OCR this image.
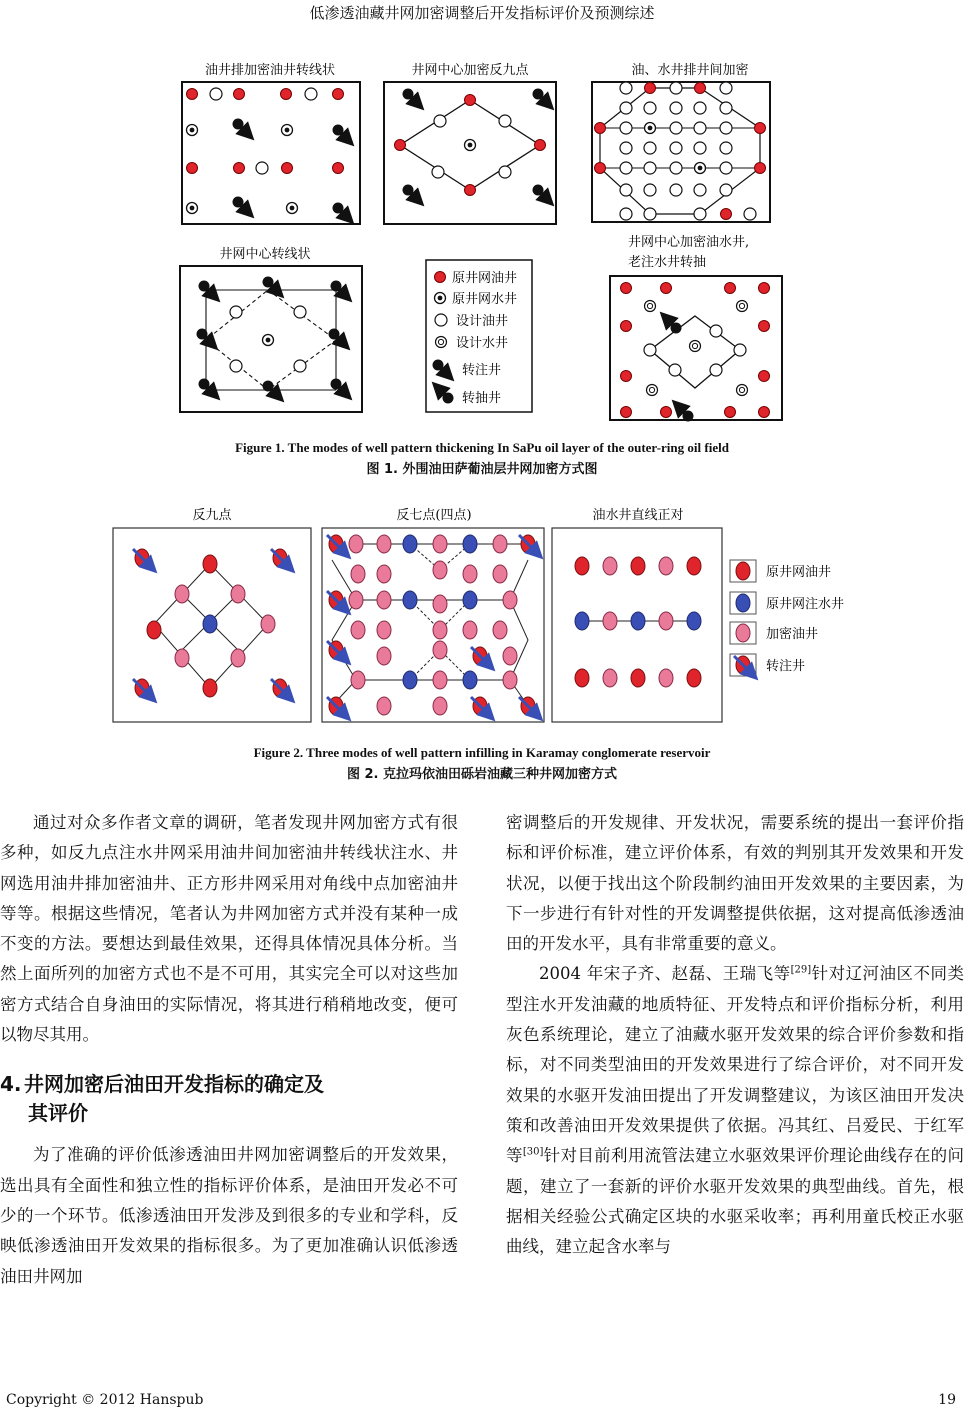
低渗透油藏井网加密调整后开发指标评价及预测综述
油井排加密油井转线状	井网中心加密反九点	油、水井排井间加密
井网中心转线状
井网中心加密油水井,
老注水井转抽
原井网油井
原井网水井
设计油井
设计水井
转注井
转抽井
Figure 1. The modes of well pattern thickening In SaPu oil layer of the outer-ring oil field
图 1. 外围油田萨葡油层井网加密方式图
反九点	反七点(四点)	油水井直线正对
原井网油井
原井网注水井
加密油井
转注井
Figure 2. Three modes of well pattern infilling in Karamay conglomerate reservoir
图 2. 克拉玛依油田砾岩油藏三种井网加密方式

通过对众多作者文章的调研，笔者发现井网加密方式有很多种，如反九点注水井网采用油井间加密油井转线状注水、井网选用油井排加密油井、正方形井网采用对角线中点加密油井等等。根据这些情况，笔者认为井网加密方式并没有某种一成不变的方法。要想达到最佳效果，还得具体情况具体分析。当然上面所列的加密方式也不是不可用，其实完全可以对这些加密方式结合自身油田的实际情况，将其进行稍稍地改变，便可以物尽其用。

4. 井网加密后油田开发指标的确定及
其评价

为了准确的评价低渗透油田井网加密调整后的开发效果，选出具有全面性和独立性的指标评价体系，是油田开发必不可少的一个环节。低渗透油田开发涉及到很多的专业和学科，反映低渗透油田开发效果的指标很多。为了更加准确认识低渗透油田井网加

密调整后的开发规律、开发状况，需要系统的提出一套评价指标和评价标准，建立评价体系，有效的判别其开发效果和开发状况，以便于找出这个阶段制约油田开发效果的主要因素，为下一步进行有针对性的开发调整提供依据，这对提高低渗透油田的开发水平，具有非常重要的意义。

2004 年宋子齐、赵磊、王瑞飞等[29]针对辽河油区不同类型注水开发油藏的地质特征、开发特点和评价指标分析，利用灰色系统理论，建立了油藏水驱开发效果的综合评价参数和指标，对不同类型油田的开发效果进行了综合评价，对不同开发效果的水驱开发油田提出了开发调整建议，为该区油田开发决策和改善油田开发效果提供了依据。冯其红、吕爱民、于红军等[30]针对目前利用流管法建立水驱效果评价理论曲线存在的问题，建立了一套新的评价水驱开发效果的典型曲线。首先，根据相关经验公式确定区块的水驱采收率；再利用童氏校正水驱曲线，建立起含水率与

Copyright © 2012 Hanspub	19
